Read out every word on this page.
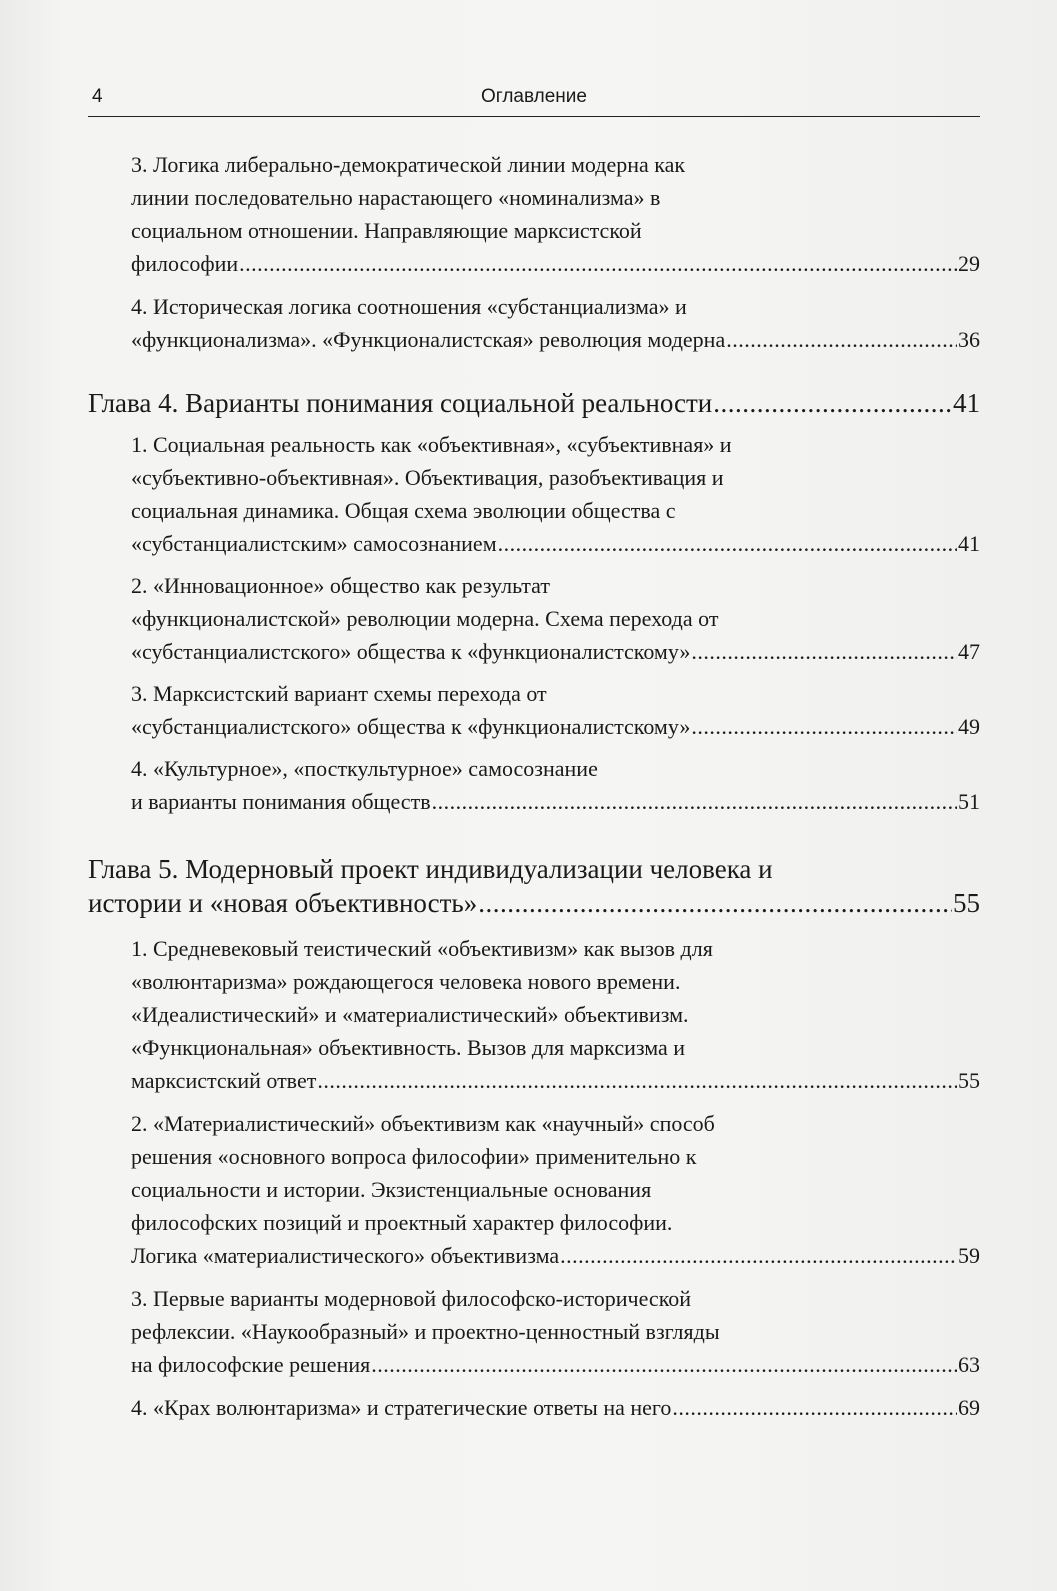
4	Оглавление
3. Логика либерально-демократической линии модерна как
линии последовательно нарастающего «номинализма» в
социальном отношении. Направляющие марксистской
философии .....	29
4. Историческая логика соотношения «субстанциализма» и
«функционализма». «Функционалистская» революция модерна .....	36
Глава 4. Варианты понимания социальной реальности .....	41
1. Социальная реальность как «объективная», «субъективная» и
«субъективно-объективная». Объективация, разобъективация и
социальная динамика. Общая схема эволюции общества с
«субстанциалистским» самосознанием .....	41
2. «Инновационное» общество как результат
«функционалистской» революции модерна. Схема перехода от
«субстанциалистского» общества к «функционалистскому» .....	47
3. Марксистский вариант схемы перехода от
«субстанциалистского» общества к «функционалистскому» .....	49
4. «Культурное», «посткультурное» самосознание
и варианты понимания обществ .....	51
Глава 5. Модерновый проект индивидуализации человека и
истории и «новая объективность» .....	55
1. Средневековый теистический «объективизм» как вызов для
«волюнтаризма» рождающегося человека нового времени.
«Идеалистический» и «материалистический» объективизм.
«Функциональная» объективность. Вызов для марксизма и
марксистский ответ .....	55
2. «Материалистический» объективизм как «научный» способ
решения «основного вопроса философии» применительно к
социальности и истории. Экзистенциальные основания
философских позиций и проектный характер философии.
Логика «материалистического» объективизма .....	59
3. Первые варианты модерновой философско-исторической
рефлексии. «Наукообразный» и проектно-ценностный взгляды
на философские решения .....	63
4. «Крах волюнтаризма» и стратегические ответы на него .....	69
